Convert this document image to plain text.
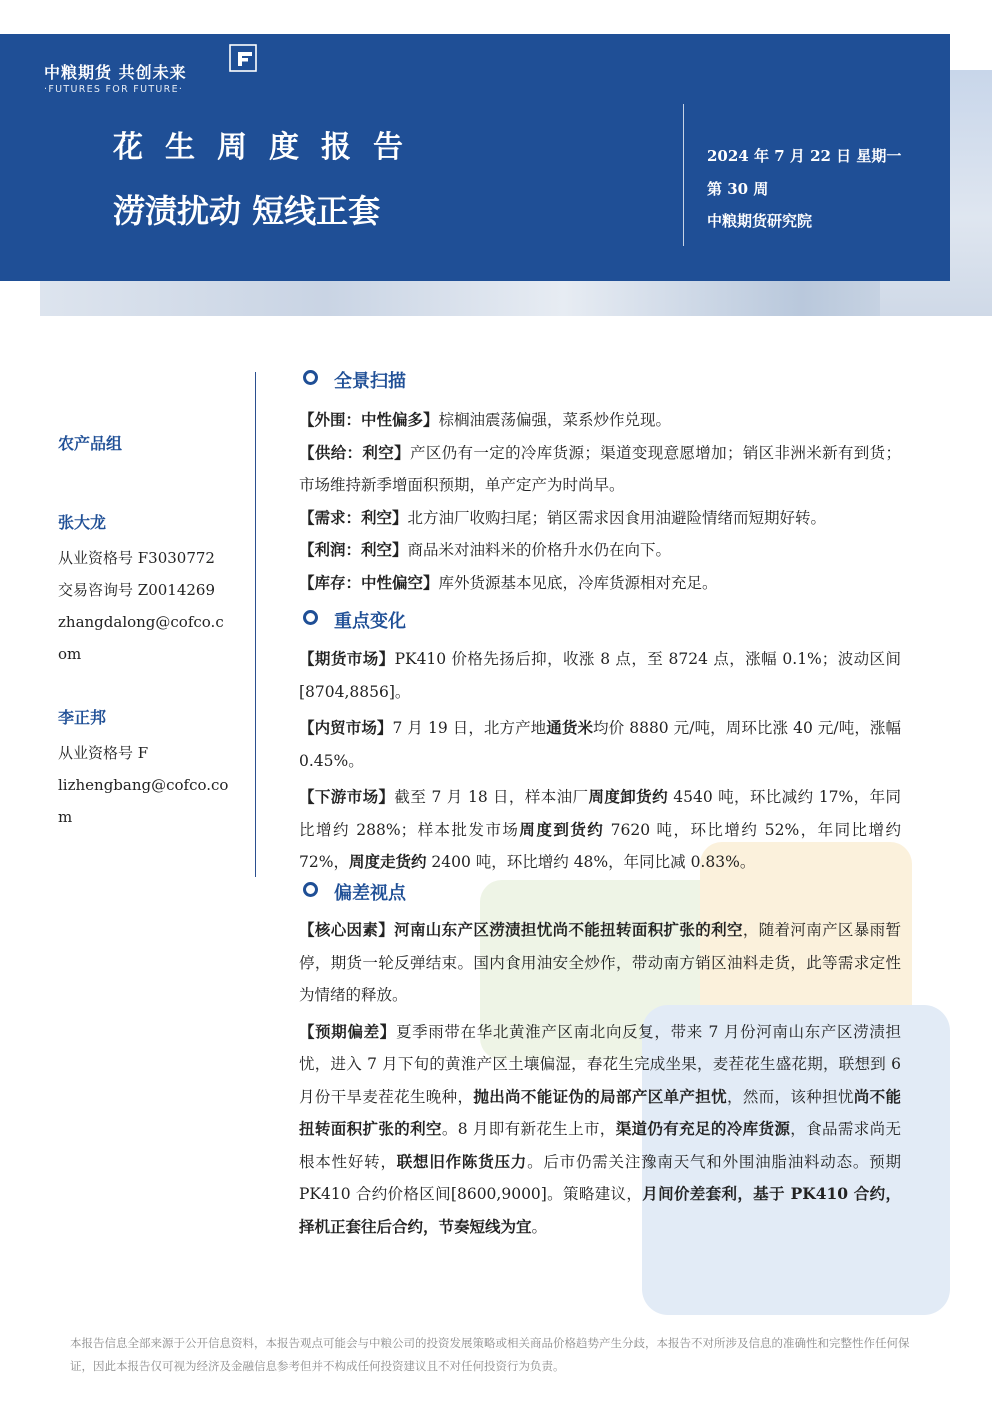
中粮期货 共创未来
·FUTURES FOR FUTURE·
花生周度报告
涝渍扰动 短线正套
2024 年 7 月 22 日 星期一
第 30 周
中粮期货研究院
农产品组
张大龙
从业资格号 F3030772
交易咨询号 Z0014269
zhangdalong@cofco.c
om
李正邦
从业资格号 F
lizhengbang@cofco.co
m
全景扫描
【外围：中性偏多】棕榈油震荡偏强，菜系炒作兑现。
【供给：利空】产区仍有一定的冷库货源；渠道变现意愿增加；销区非洲米新有到货；市场维持新季增面积预期，单产定产为时尚早。
【需求：利空】北方油厂收购扫尾；销区需求因食用油避险情绪而短期好转。
【利润：利空】商品米对油料米的价格升水仍在向下。
【库存：中性偏空】库外货源基本见底，冷库货源相对充足。
重点变化
【期货市场】PK410 价格先扬后抑，收涨 8 点，至 8724 点，涨幅 0.1%；波动区间[8704,8856]。
【内贸市场】7 月 19 日，北方产地通货米均价 8880 元/吨，周环比涨 40 元/吨，涨幅 0.45%。
【下游市场】截至 7 月 18 日，样本油厂周度卸货约 4540 吨，环比减约 17%，年同比增约 288%；样本批发市场周度到货约 7620 吨，环比增约 52%，年同比增约 72%，周度走货约 2400 吨，环比增约 48%，年同比减 0.83%。
偏差视点
【核心因素】河南山东产区涝渍担忧尚不能扭转面积扩张的利空，随着河南产区暴雨暂停，期货一轮反弹结束。国内食用油安全炒作，带动南方销区油料走货，此等需求定性为情绪的释放。
【预期偏差】夏季雨带在华北黄淮产区南北向反复，带来 7 月份河南山东产区涝渍担忧，进入 7 月下旬的黄淮产区土壤偏湿，春花生完成坐果，麦茬花生盛花期，联想到 6 月份干旱麦茬花生晚种，抛出尚不能证伪的局部产区单产担忧，然而，该种担忧尚不能扭转面积扩张的利空。8 月即有新花生上市，渠道仍有充足的冷库货源，食品需求尚无根本性好转，联想旧作陈货压力。后市仍需关注豫南天气和外围油脂油料动态。预期 PK410 合约价格区间[8600,9000]。策略建议，月间价差套利，基于 PK410 合约，择机正套往后合约，节奏短线为宜。
本报告信息全部来源于公开信息资料，本报告观点可能会与中粮公司的投资发展策略或相关商品价格趋势产生分歧，本报告不对所涉及信息的准确性和完整性作任何保证，因此本报告仅可视为经济及金融信息参考但并不构成任何投资建议且不对任何投资行为负责。
